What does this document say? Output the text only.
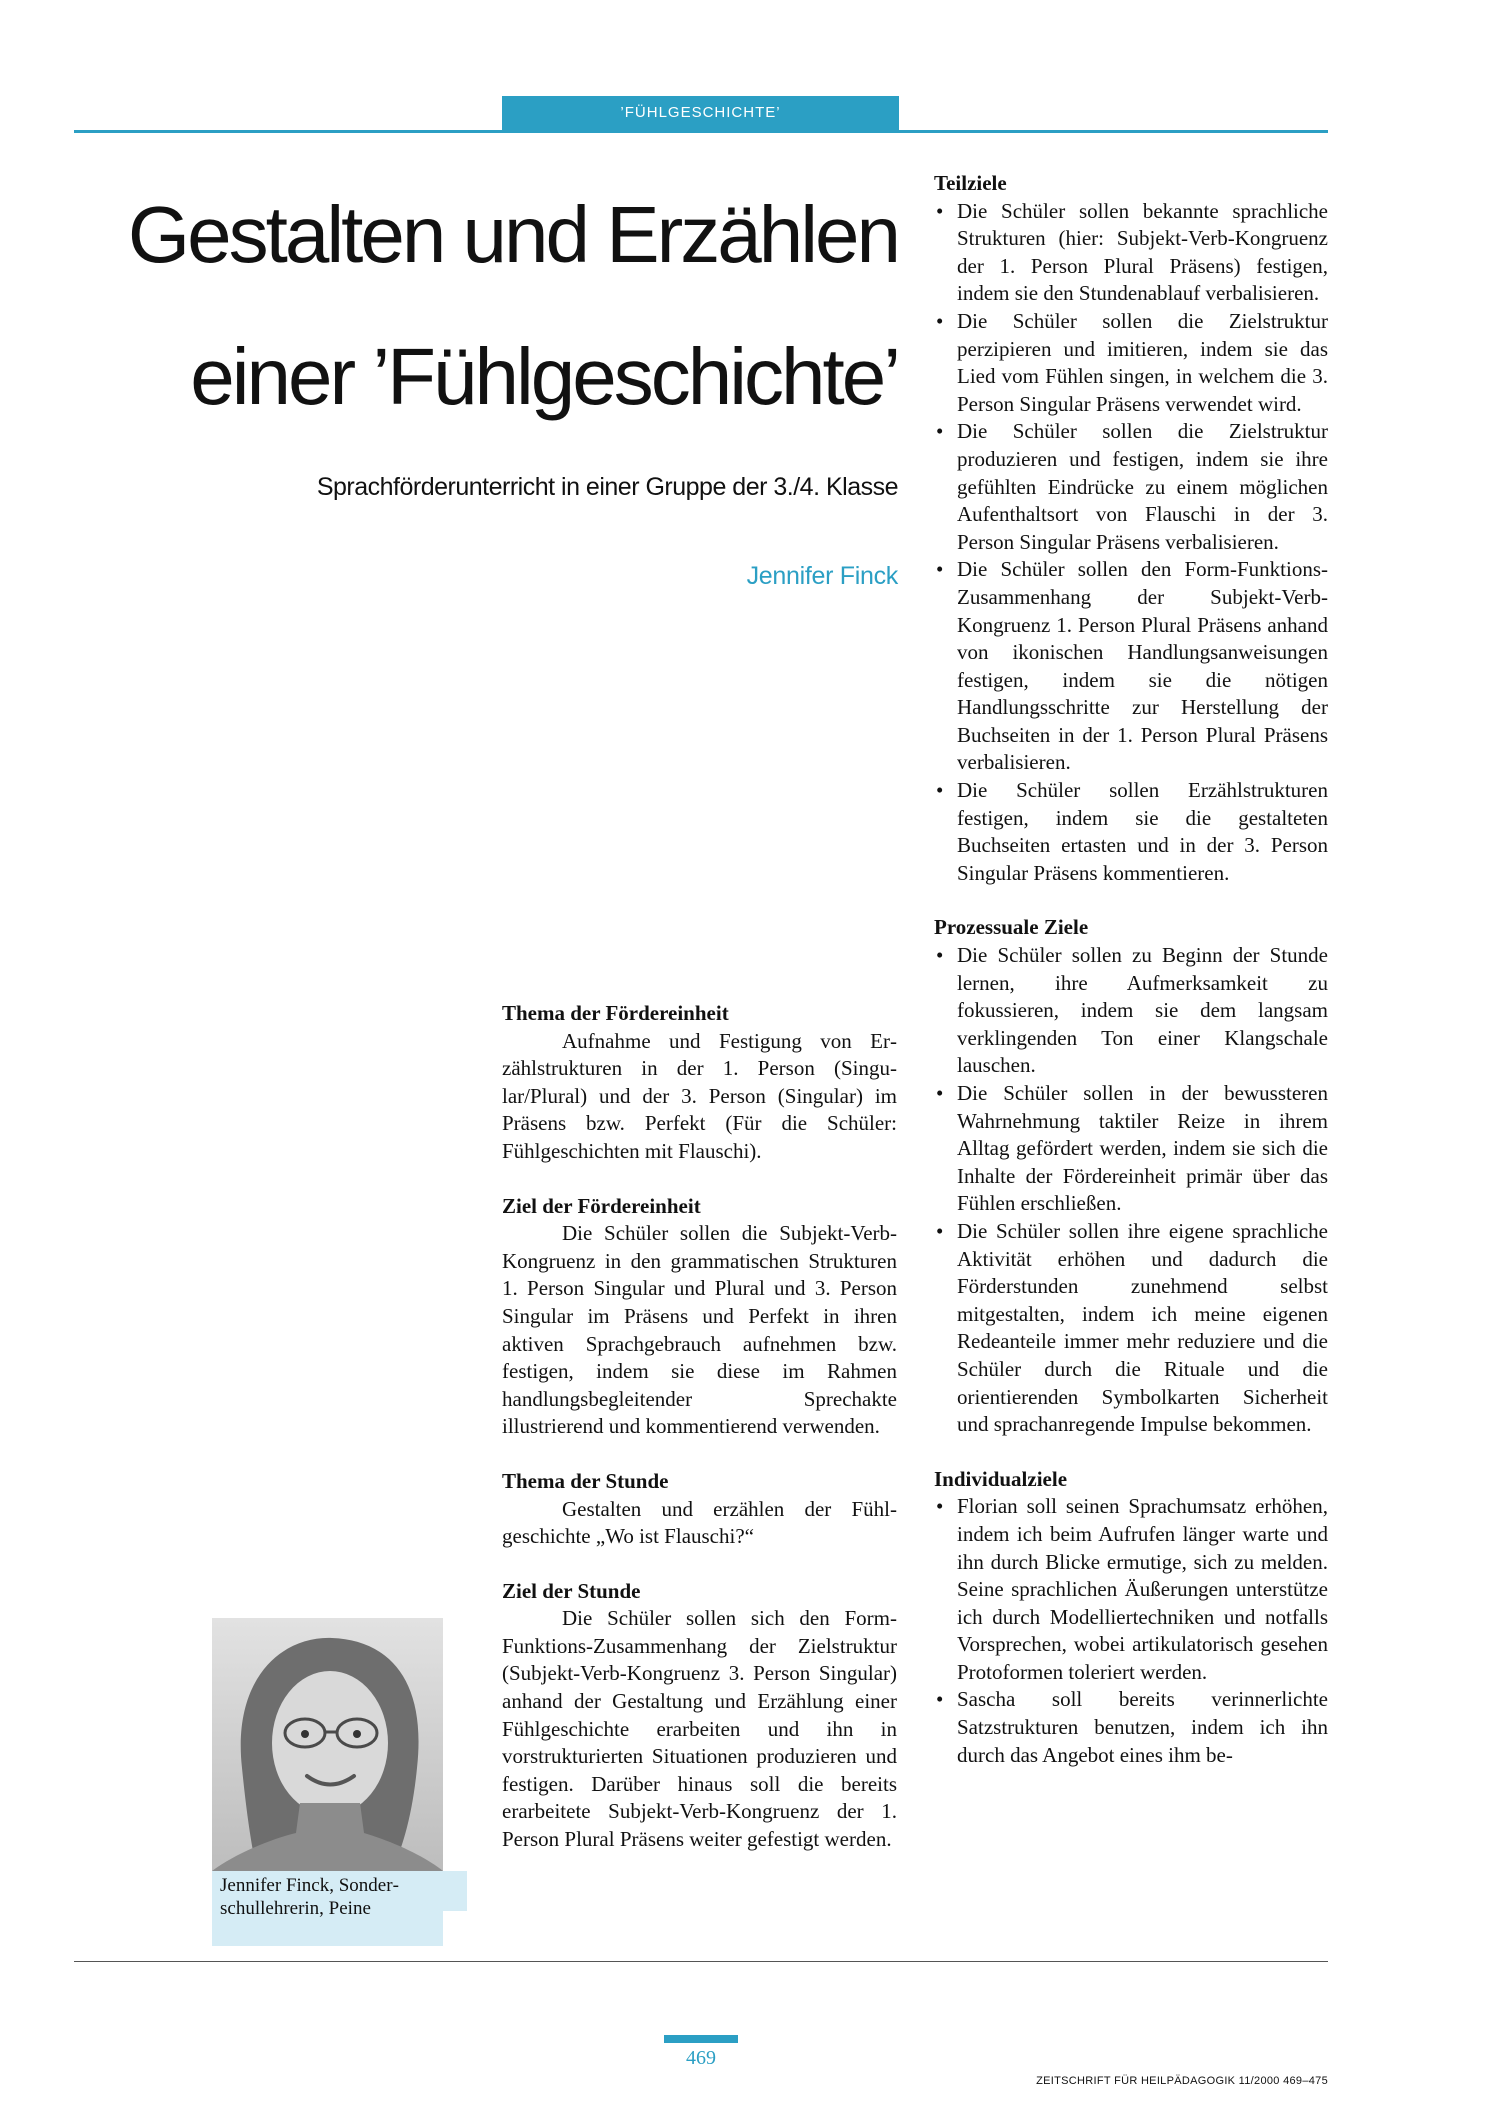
’FÜHLGESCHICHTE’
Gestalten und Erzählen
einer ’Fühlgeschichte’

Sprachförderunterricht in einer Gruppe der 3./4. Klasse

Jennifer Finck

Thema der Fördereinheit

Aufnahme und Festigung von Erzählstrukturen in der 1. Person (Singular/Plural) und der 3. Person (Singular) im Präsens bzw. Perfekt (Für die Schüler: Fühlgeschichten mit Flauschi).

Ziel der Fördereinheit

Die Schüler sollen die Subjekt-Verb-Kongruenz in den grammatischen Strukturen 1. Person Singular und Plural und 3. Person Singular im Präsens und Perfekt in ihren aktiven Sprachgebrauch aufnehmen bzw. festigen, indem sie diese im Rahmen handlungsbegleitender Sprechakte illustrierend und kommentierend verwenden.

Thema der Stunde

Gestalten und erzählen der Fühlgeschichte „Wo ist Flauschi?“

Ziel der Stunde

Die Schüler sollen sich den Form-Funktions-Zusammenhang der Zielstruktur (Subjekt-Verb-Kongruenz 3. Person Singular) anhand der Gestaltung und Erzählung einer Fühlgeschichte erarbeiten und ihn in vorstrukturierten Situationen produzieren und festigen. Darüber hinaus soll die bereits erarbeitete Subjekt-Verb-Kongruenz der 1. Person Plural Präsens weiter gefestigt werden.

Teilziele

• Die Schüler sollen bekannte sprachliche Strukturen (hier: Subjekt-Verb-Kongruenz der 1. Person Plural Präsens) festigen, indem sie den Stundenablauf verbalisieren.
• Die Schüler sollen die Zielstruktur perzipieren und imitieren, indem sie das Lied vom Fühlen singen, in welchem die 3. Person Singular Präsens verwendet wird.
• Die Schüler sollen die Zielstruktur produzieren und festigen, indem sie ihre gefühlten Eindrücke zu einem möglichen Aufenthaltsort von Flauschi in der 3. Person Singular Präsens verbalisieren.
• Die Schüler sollen den Form-Funktions-Zusammenhang der Subjekt-Verb-Kongruenz 1. Person Plural Präsens anhand von ikonischen Handlungsanweisungen festigen, indem sie die nötigen Handlungsschritte zur Herstellung der Buchseiten in der 1. Person Plural Präsens verbalisieren.
• Die Schüler sollen Erzählstrukturen festigen, indem sie die gestalteten Buchseiten ertasten und in der 3. Person Singular Präsens kommentieren.

Prozessuale Ziele

• Die Schüler sollen zu Beginn der Stunde lernen, ihre Aufmerksamkeit zu fokussieren, indem sie dem langsam verklingenden Ton einer Klangschale lauschen.
• Die Schüler sollen in der bewussteren Wahrnehmung taktiler Reize in ihrem Alltag gefördert werden, indem sie sich die Inhalte der Fördereinheit primär über das Fühlen erschließen.
• Die Schüler sollen ihre eigene sprachliche Aktivität erhöhen und dadurch die Förderstunden zunehmend selbst mitgestalten, indem ich meine eigenen Redeanteile immer mehr reduziere und die Schüler durch die Rituale und die orientierenden Symbolkarten Sicherheit und sprachanregende Impulse bekommen.

Individualziele

• Florian soll seinen Sprachumsatz erhöhen, indem ich beim Aufrufen länger warte und ihn durch Blicke ermutige, sich zu melden. Seine sprachlichen Äußerungen unterstütze ich durch Modelliertechniken und notfalls Vorsprechen, wobei artikulatorisch gesehen Protoformen toleriert werden.
• Sascha soll bereits verinnerlichte Satzstrukturen benutzen, indem ich ihn durch das Angebot eines ihm be-
Jennifer Finck, Sonderschullehrerin, Peine
469
ZEITSCHRIFT FÜR HEILPÄDAGOGIK 11/2000 469–475
